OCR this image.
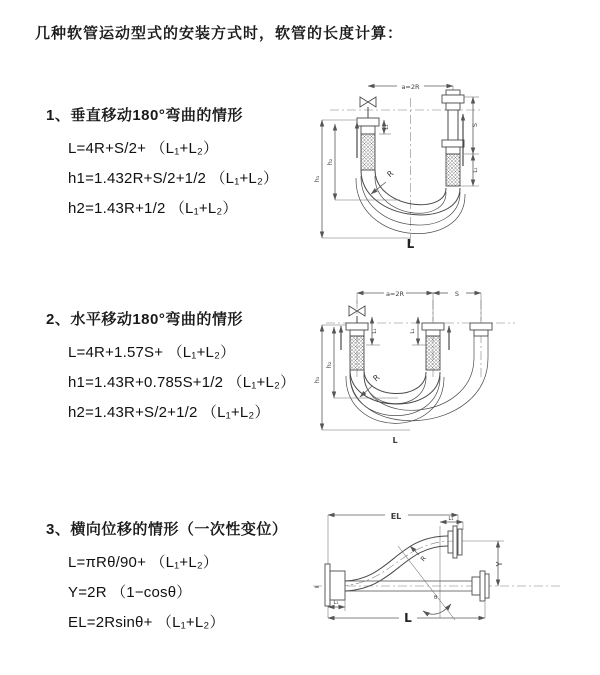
几种软管运动型式的安装方式时，软管的长度计算：
1、垂直移动180°弯曲的情形
L=4R+S/2+ （L₁+L₂）
h1=1.432R+S/2+1/2 （L₁+L₂）
h2=1.43R+1/2 （L₁+L₂）
2、水平移动180°弯曲的情形
L=4R+1.57S+ （L₁+L₂）
h1=1.43R+0.785S+1/2 （L₁+L₂）
h2=1.43R+S/2+1/2 （L₁+L₂）
3、横向位移的情形（一次性变位）
L=πRθ/90+ （L₁+L₂）
Y=2R （1−cosθ）
EL=2Rsinθ+ （L₁+L₂）
a=2R
h₁
h₂
S
L₁
L₁
R
L
a=2R	S
h₁
h₂
L₁	L₁
R
L
≈
EL	L₁
Y
θ
R
L
L₁
